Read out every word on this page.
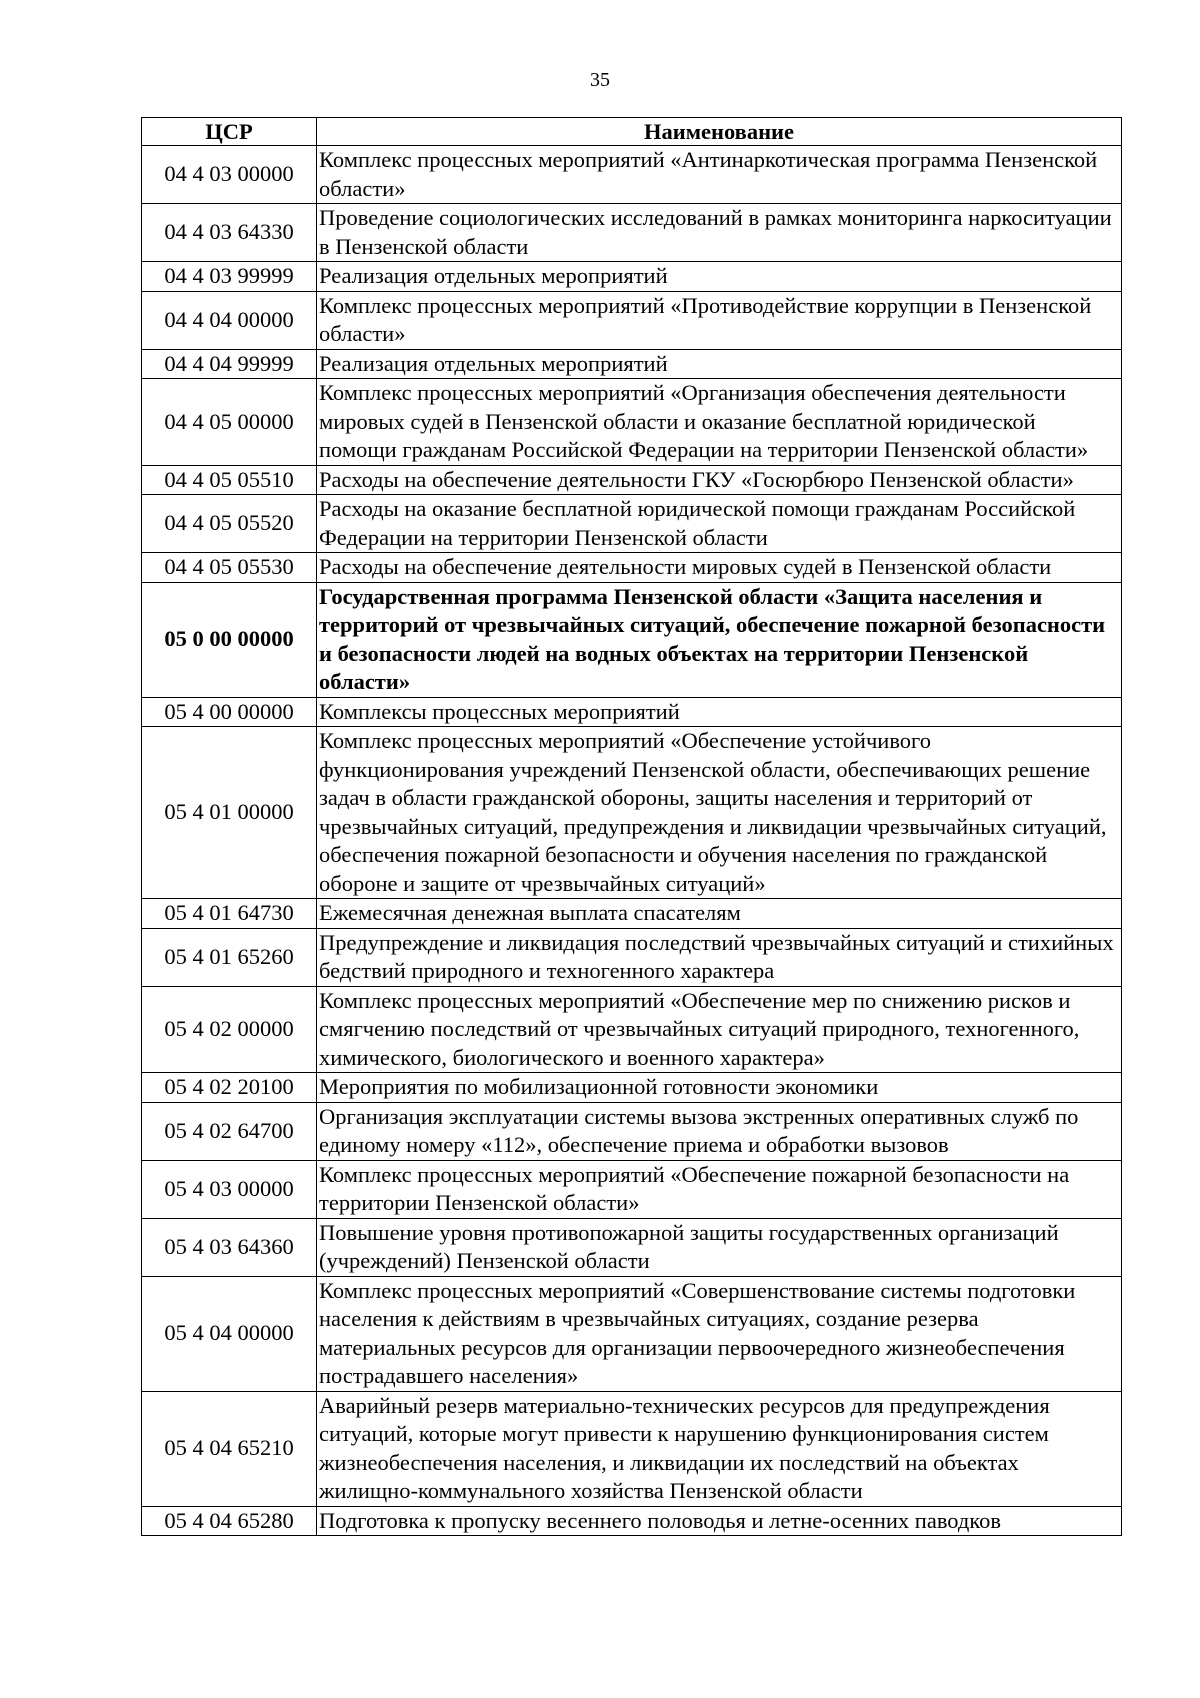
35
ЦСР	Наименование
04 4 03 00000	Комплекс процессных мероприятий «Антинаркотическая программа Пензенской области»
04 4 03 64330	Проведение социологических исследований в рамках мониторинга наркоситуации в Пензенской области
04 4 03 99999	Реализация отдельных мероприятий
04 4 04 00000	Комплекс процессных мероприятий «Противодействие коррупции в Пензенской области»
04 4 04 99999	Реализация отдельных мероприятий
04 4 05 00000	Комплекс процессных мероприятий «Организация обеспечения деятельности мировых судей в Пензенской области и оказание бесплатной юридической помощи гражданам Российской Федерации на территории Пензенской области»
04 4 05 05510	Расходы на обеспечение деятельности ГКУ «Госюрбюро Пензенской области»
04 4 05 05520	Расходы на оказание бесплатной юридической помощи гражданам Российской Федерации на территории Пензенской области
04 4 05 05530	Расходы на обеспечение деятельности мировых судей в Пензенской области
05 0 00 00000	Государственная программа Пензенской области «Защита населения и территорий от чрезвычайных ситуаций, обеспечение пожарной безопасности и безопасности людей на водных объектах на территории Пензенской области»
05 4 00 00000	Комплексы процессных мероприятий
05 4 01 00000	Комплекс процессных мероприятий «Обеспечение устойчивого функционирования учреждений Пензенской области, обеспечивающих решение задач в области гражданской обороны, защиты населения и территорий от чрезвычайных ситуаций, предупреждения и ликвидации чрезвычайных ситуаций, обеспечения пожарной безопасности и обучения населения по гражданской обороне и защите от чрезвычайных ситуаций»
05 4 01 64730	Ежемесячная денежная выплата спасателям
05 4 01 65260	Предупреждение и ликвидация последствий чрезвычайных ситуаций и стихийных бедствий природного и техногенного характера
05 4 02 00000	Комплекс процессных мероприятий «Обеспечение мер по снижению рисков и смягчению последствий от чрезвычайных ситуаций природного, техногенного, химического, биологического и военного характера»
05 4 02 20100	Мероприятия по мобилизационной готовности экономики
05 4 02 64700	Организация эксплуатации системы вызова экстренных оперативных служб по единому номеру «112», обеспечение приема и обработки вызовов
05 4 03 00000	Комплекс процессных мероприятий «Обеспечение пожарной безопасности на территории Пензенской области»
05 4 03 64360	Повышение уровня противопожарной защиты государственных организаций (учреждений) Пензенской области
05 4 04 00000	Комплекс процессных мероприятий «Совершенствование системы подготовки населения к действиям в чрезвычайных ситуациях, создание резерва материальных ресурсов для организации первоочередного жизнеобеспечения пострадавшего населения»
05 4 04 65210	Аварийный резерв материально-технических ресурсов для предупреждения ситуаций, которые могут привести к нарушению функционирования систем жизнеобеспечения населения, и ликвидации их последствий на объектах жилищно-коммунального хозяйства Пензенской области
05 4 04 65280	Подготовка к пропуску весеннего половодья и летне-осенних паводков
